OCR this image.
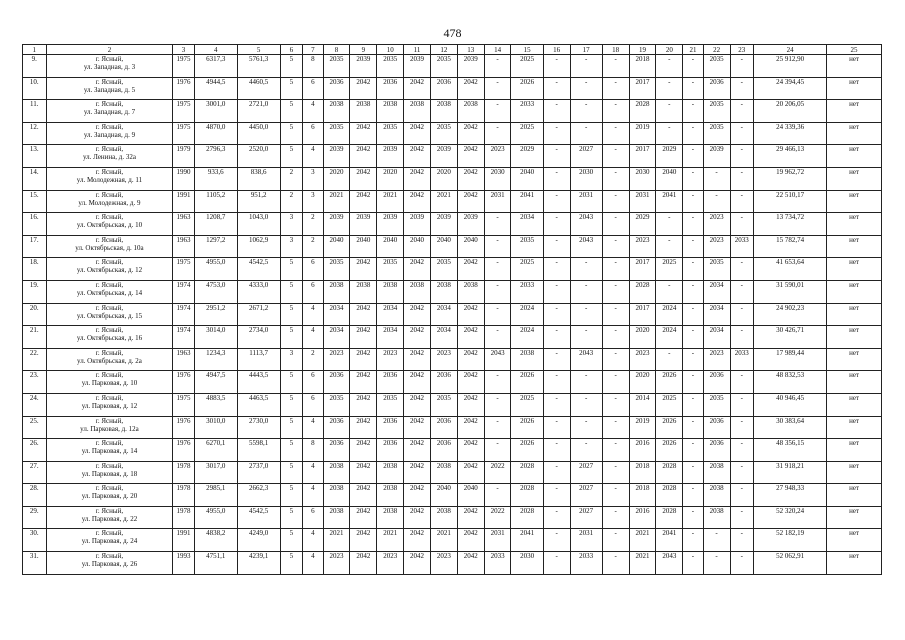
478
1	2	3	4	5	6	7	8	9	10	11	12	13	14	15	16	17	18	19	20	21	22	23	24	25
9.	г. Ясный,
ул. Западная, д. 3	1975	6317,3	5761,3	5	8	2035	2039	2035	2039	2035	2039	-	2025	-	-	-	2018	-	-	2035	-	25 912,90	нет
10.	г. Ясный,
ул. Западная, д. 5	1976	4944,5	4460,5	5	6	2036	2042	2036	2042	2036	2042	-	2026	-	-	-	2017	-	-	2036	-	24 394,45	нет
11.	г. Ясный,
ул. Западная, д. 7	1975	3001,0	2721,0	5	4	2038	2038	2038	2038	2038	2038	-	2033	-	-	-	2028	-	-	2035	-	20 206,05	нет
12.	г. Ясный,
ул. Западная, д. 9	1975	4870,0	4450,0	5	6	2035	2042	2035	2042	2035	2042	-	2025	-	-	-	2019	-	-	2035	-	24 339,36	нет
13.	г. Ясный,
ул. Ленина, д. 32а	1979	2796,3	2520,0	5	4	2039	2042	2039	2042	2039	2042	2023	2029	-	2027	-	2017	2029	-	2039	-	29 466,13	нет
14.	г. Ясный,
ул. Молодежная, д. 11	1990	933,6	838,6	2	3	2020	2042	2020	2042	2020	2042	2030	2040	-	2030	-	2030	2040	-	-	-	19 962,72	нет
15.	г. Ясный,
ул. Молодежная, д. 9	1991	1105,2	951,2	2	3	2021	2042	2021	2042	2021	2042	2031	2041	-	2031	-	2031	2041	-	-	-	22 510,17	нет
16.	г. Ясный,
ул. Октябрьская, д. 10	1963	1208,7	1043,0	3	2	2039	2039	2039	2039	2039	2039	-	2034	-	2043	-	2029	-	-	2023	-	13 734,72	нет
17.	г. Ясный,
ул. Октябрьская, д. 10а	1963	1297,2	1062,9	3	2	2040	2040	2040	2040	2040	2040	-	2035	-	2043	-	2023	-	-	2023	2033	15 782,74	нет
18.	г. Ясный,
ул. Октябрьская, д. 12	1975	4955,0	4542,5	5	6	2035	2042	2035	2042	2035	2042	-	2025	-	-	-	2017	2025	-	2035	-	41 653,64	нет
19.	г. Ясный,
ул. Октябрьская, д. 14	1974	4753,0	4333,0	5	6	2038	2038	2038	2038	2038	2038	-	2033	-	-	-	2028	-	-	2034	-	31 590,01	нет
20.	г. Ясный,
ул. Октябрьская, д. 15	1974	2951,2	2671,2	5	4	2034	2042	2034	2042	2034	2042	-	2024	-	-	-	2017	2024	-	2034	-	24 902,23	нет
21.	г. Ясный,
ул. Октябрьская, д. 16	1974	3014,0	2734,0	5	4	2034	2042	2034	2042	2034	2042	-	2024	-	-	-	2020	2024	-	2034	-	30 426,71	нет
22.	г. Ясный,
ул. Октябрьская, д. 2а	1963	1234,3	1113,7	3	2	2023	2042	2023	2042	2023	2042	2043	2038	-	2043	-	2023	-	-	2023	2033	17 989,44	нет
23.	г. Ясный,
ул. Парковая, д. 10	1976	4947,5	4443,5	5	6	2036	2042	2036	2042	2036	2042	-	2026	-	-	-	2020	2026	-	2036	-	48 832,53	нет
24.	г. Ясный,
ул. Парковая, д. 12	1975	4883,5	4463,5	5	6	2035	2042	2035	2042	2035	2042	-	2025	-	-	-	2014	2025	-	2035	-	40 946,45	нет
25.	г. Ясный,
ул. Парковая, д. 12а	1976	3010,0	2730,0	5	4	2036	2042	2036	2042	2036	2042	-	2026	-	-	-	2019	2026	-	2036	-	30 383,64	нет
26.	г. Ясный,
ул. Парковая, д. 14	1976	6270,1	5598,1	5	8	2036	2042	2036	2042	2036	2042	-	2026	-	-	-	2016	2026	-	2036	-	48 356,15	нет
27.	г. Ясный,
ул. Парковая, д. 18	1978	3017,0	2737,0	5	4	2038	2042	2038	2042	2038	2042	2022	2028	-	2027	-	2018	2028	-	2038	-	31 918,21	нет
28.	г. Ясный,
ул. Парковая, д. 20	1978	2985,1	2662,3	5	4	2038	2042	2038	2042	2040	2040	-	2028	-	2027	-	2018	2028	-	2038	-	27 948,33	нет
29.	г. Ясный,
ул. Парковая, д. 22	1978	4955,0	4542,5	5	6	2038	2042	2038	2042	2038	2042	2022	2028	-	2027	-	2016	2028	-	2038	-	52 320,24	нет
30.	г. Ясный,
ул. Парковая, д. 24	1991	4838,2	4249,0	5	4	2021	2042	2021	2042	2021	2042	2031	2041	-	2031	-	2021	2041	-	-	-	52 182,19	нет
31.	г. Ясный,
ул. Парковая, д. 26	1993	4751,1	4239,1	5	4	2023	2042	2023	2042	2023	2042	2033	2030	-	2033	-	2021	2043	-	-	-	52 062,91	нет
